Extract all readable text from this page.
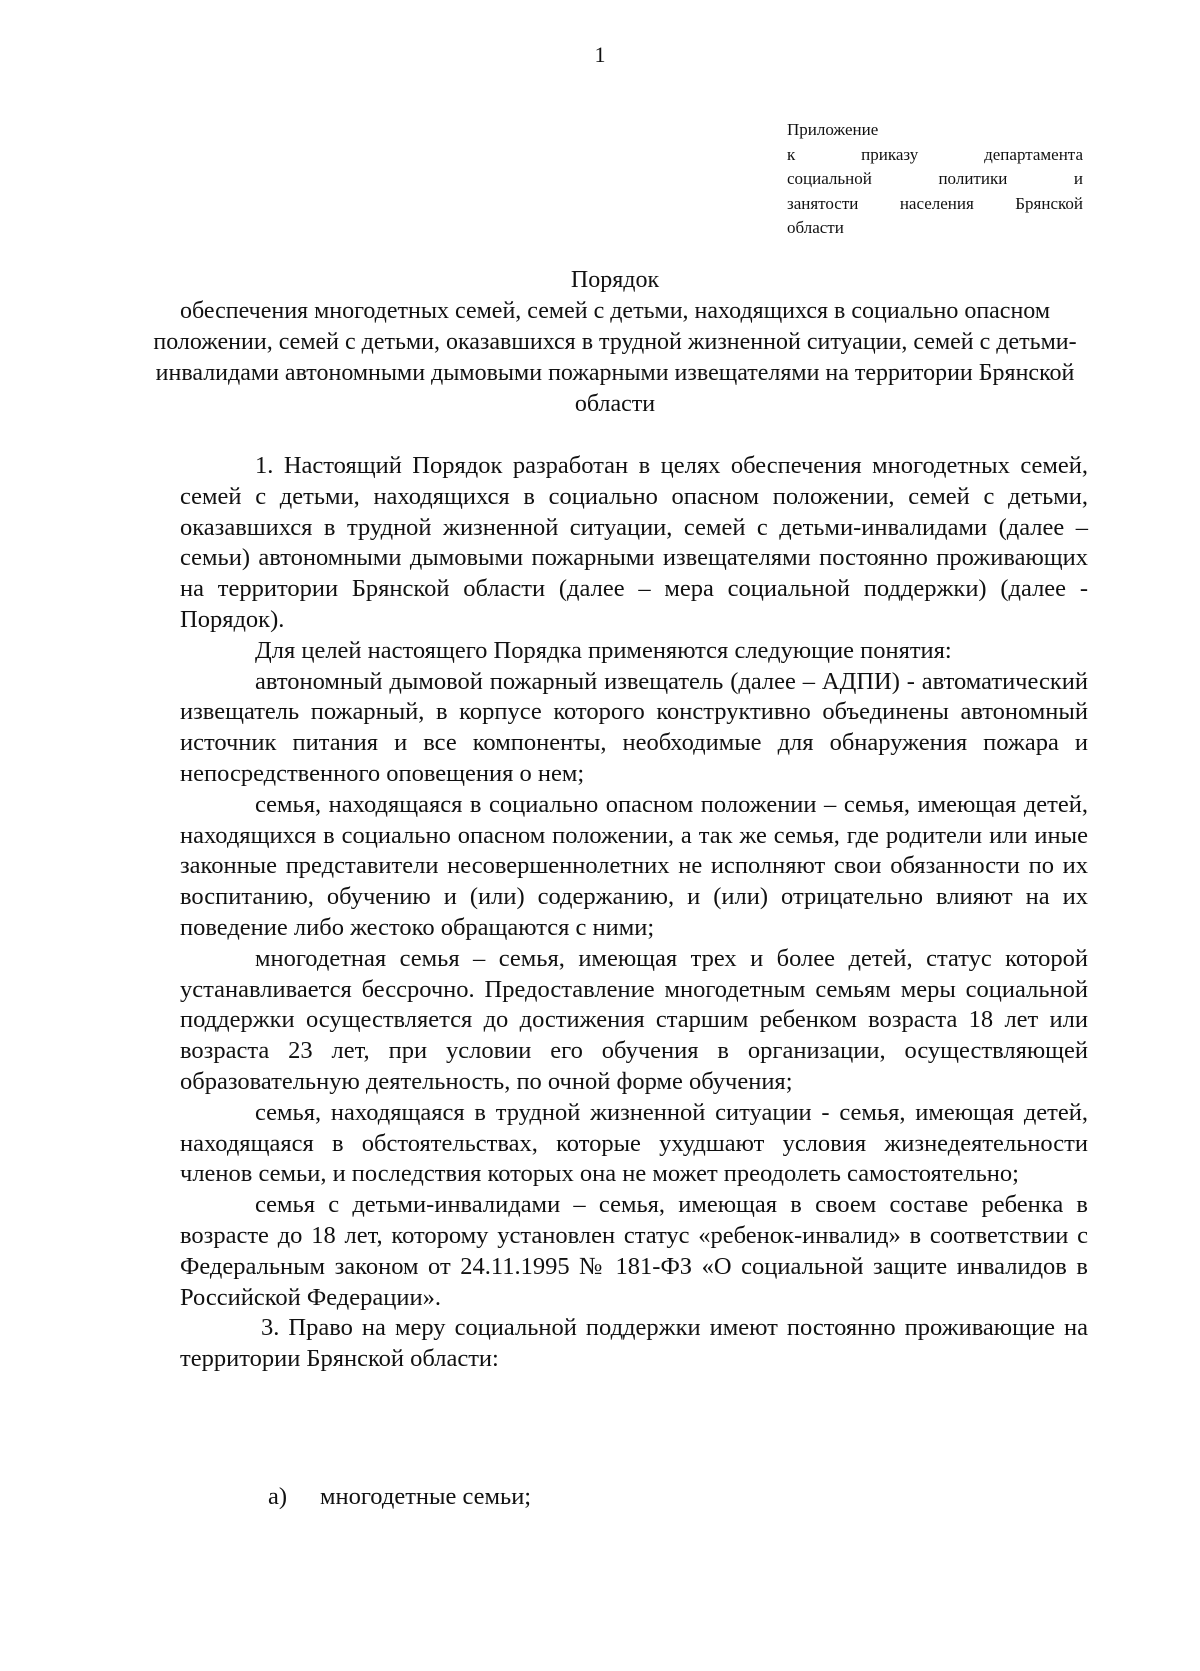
1
Приложение
к приказу департамента
социальной политики и
занятости населения Брянской
области
Порядок
обеспечения многодетных семей, семей с детьми, находящихся в социально опасном положении, семей с детьми, оказавшихся в трудной жизненной ситуации, семей с детьми-инвалидами автономными дымовыми пожарными извещателями на территории Брянской области

1. Настоящий Порядок разработан в целях обеспечения многодетных семей, семей с детьми, находящихся в социально опасном положении, семей с детьми, оказавшихся в трудной жизненной ситуации, семей с детьми-инвалидами (далее – семьи) автономными дымовыми пожарными извещателями постоянно проживающих на территории Брянской области (далее – мера социальной поддержки) (далее - Порядок).

Для целей настоящего Порядка применяются следующие понятия:

автономный дымовой пожарный извещатель (далее – АДПИ) - автоматический извещатель пожарный, в корпусе которого конструктивно объединены автономный источник питания и все компоненты, необходимые для обнаружения пожара и непосредственного оповещения о нем;

семья, находящаяся в социально опасном положении – семья, имеющая детей, находящихся в социально опасном положении, а так же семья, где родители или иные законные представители несовершеннолетних не исполняют свои обязанности по их воспитанию, обучению и (или) содержанию, и (или) отрицательно влияют на их поведение либо жестоко обращаются с ними;

многодетная семья – семья, имеющая трех и более детей, статус которой устанавливается бессрочно. Предоставление многодетным семьям меры социальной поддержки осуществляется до достижения старшим ребенком возраста 18 лет или возраста 23 лет, при условии его обучения в организации, осуществляющей образовательную деятельность, по очной форме обучения;

семья, находящаяся в трудной жизненной ситуации - семья, имеющая детей, находящаяся в обстоятельствах, которые ухудшают условия жизнедеятельности членов семьи, и последствия которых она не может преодолеть самостоятельно;

семья с детьми-инвалидами – семья, имеющая в своем составе ребенка в возрасте до 18 лет, которому установлен статус «ребенок-инвалид» в соответствии с Федеральным законом от 24.11.1995 № 181-ФЗ «О социальной защите инвалидов в Российской Федерации».

3. Право на меру социальной поддержки имеют постоянно проживающие на территории Брянской области:

а) многодетные семьи;
